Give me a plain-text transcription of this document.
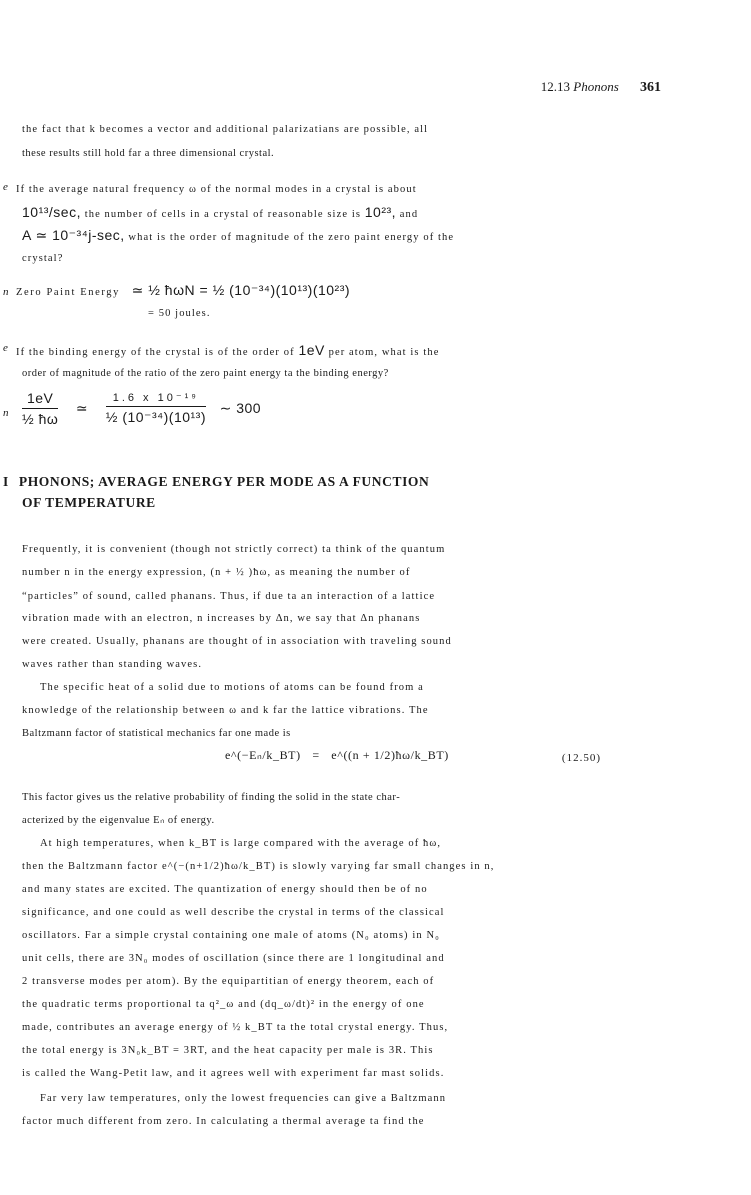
12.13 Phonons 361
the fact that k becomes a vector and additional palarizatians are possible, all
these results still hold far a three dimensional crystal.
e If the average natural frequency ω of the normal modes in a crystal is about
10¹³/sec, the number of cells in a crystal of reasonable size is 10²³, and
A ≃ 10⁻³⁴j-sec, what is the order of magnitude of the zero paint energy of the
crystal?
n Zero Paint Energy ≃ ½ ħωN = ½ (10⁻³⁴)(10¹³)(10²³)
= 50 joules.
e If the binding energy of the crystal is of the order of 1eV per atom, what is the
order of magnitude of the ratio of the zero paint energy ta the binding energy?
n $\frac{1eV}{\text{½ ħω}}$ ≃ $\frac{\text{1.6 x 10⁻¹⁹}}{\text{½ (10⁻³⁴)(10¹³)}}$ ∼ 300
I PHONONS; AVERAGE ENERGY PER MODE AS A FUNCTION
OF TEMPERATURE
Frequently, it is convenient (though not strictly correct) ta think of the quantum
number n in the energy expression, (n + ½ )ħω, as meaning the number of
“particles” of sound, called phanans. Thus, if due ta an interaction of a lattice
vibration made with an electron, n increases by Δn, we say that Δn phanans
were created. Usually, phanans are thought of in association with traveling sound
waves rather than standing waves.
The specific heat of a solid due to motions of atoms can be found from a
knowledge of the relationship between ω and k far the lattice vibrations. The
Baltzmann factor of statistical mechanics far one made is
e^(−Eₙ/k_BT) = e^((n + 1/2)ħω/k_BT)	(12.50)
This factor gives us the relative probability of finding the solid in the state char-
acterized by the eigenvalue Eₙ of energy.
At high temperatures, when k_BT is large compared with the average of ħω,
then the Baltzmann factor e^(−(n+1/2)ħω/k_BT) is slowly varying far small changes in n,
and many states are excited. The quantization of energy should then be of no
significance, and one could as well describe the crystal in terms of the classical
oscillators. Far a simple crystal containing one male of atoms (N₀ atoms) in N₀
unit cells, there are 3N₀ modes of oscillation (since there are 1 longitudinal and
2 transverse modes per atom). By the equipartitian of energy theorem, each of
the quadratic terms proportional ta q²_ω and (dq_ω/dt)² in the energy of one
made, contributes an average energy of ½ k_BT ta the total crystal energy. Thus,
the total energy is 3N₀k_BT = 3RT, and the heat capacity per male is 3R. This
is called the Wang-Petit law, and it agrees well with experiment far mast solids.
Far very law temperatures, only the lowest frequencies can give a Baltzmann
factor much different from zero. In calculating a thermal average ta find the
